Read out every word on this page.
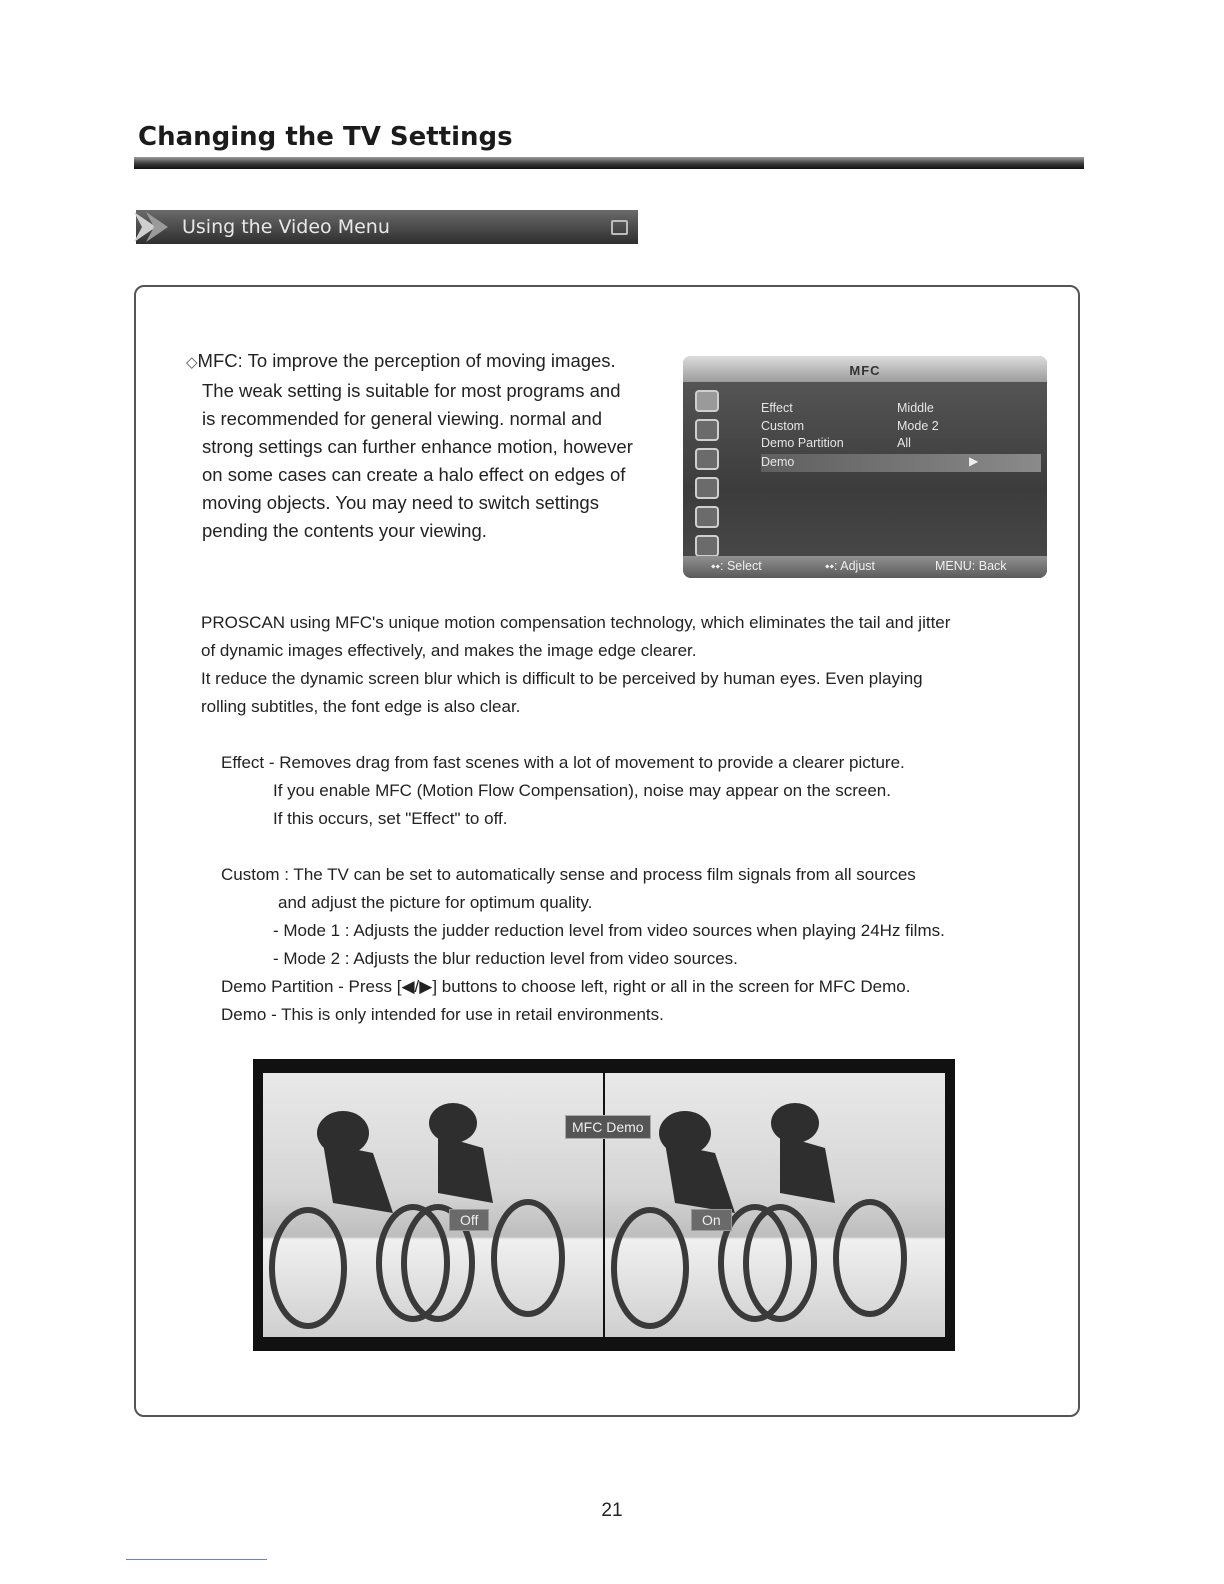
Changing the TV Settings
Using the Video Menu

◇MFC: To improve the perception of moving images.

The weak setting is suitable for most programs and

is recommended for general viewing. normal and

strong settings can further enhance motion, however

on some cases can create a halo effect on edges of

moving objects. You may need to switch settings

pending the contents your viewing.

MFC
Effect	Middle
Custom	Mode 2
Demo Partition	All
Demo	▶
⬩⬩: Select	⬩⬩: Adjust	MENU: Back

PROSCAN using MFC's unique motion compensation technology, which eliminates the tail and jitter

of dynamic images effectively, and makes the image edge clearer.

It reduce the dynamic screen blur which is difficult to be perceived by human eyes. Even playing

rolling subtitles, the font edge is also clear.

Effect - Removes drag from fast scenes with a lot of movement to provide a clearer picture.

If you enable MFC (Motion Flow Compensation), noise may appear on the screen.

If this occurs, set "Effect" to off.

Custom : The TV can be set to automatically sense and process film signals from all sources

and adjust the picture for optimum quality.

- Mode 1 : Adjusts the judder reduction level from video sources when playing 24Hz films.

- Mode 2 : Adjusts the blur reduction level from video sources.

Demo Partition - Press [◀/▶] buttons to choose left, right or all in the screen for MFC Demo.

Demo - This is only intended for use in retail environments.

Off	On
MFC Demo
21
